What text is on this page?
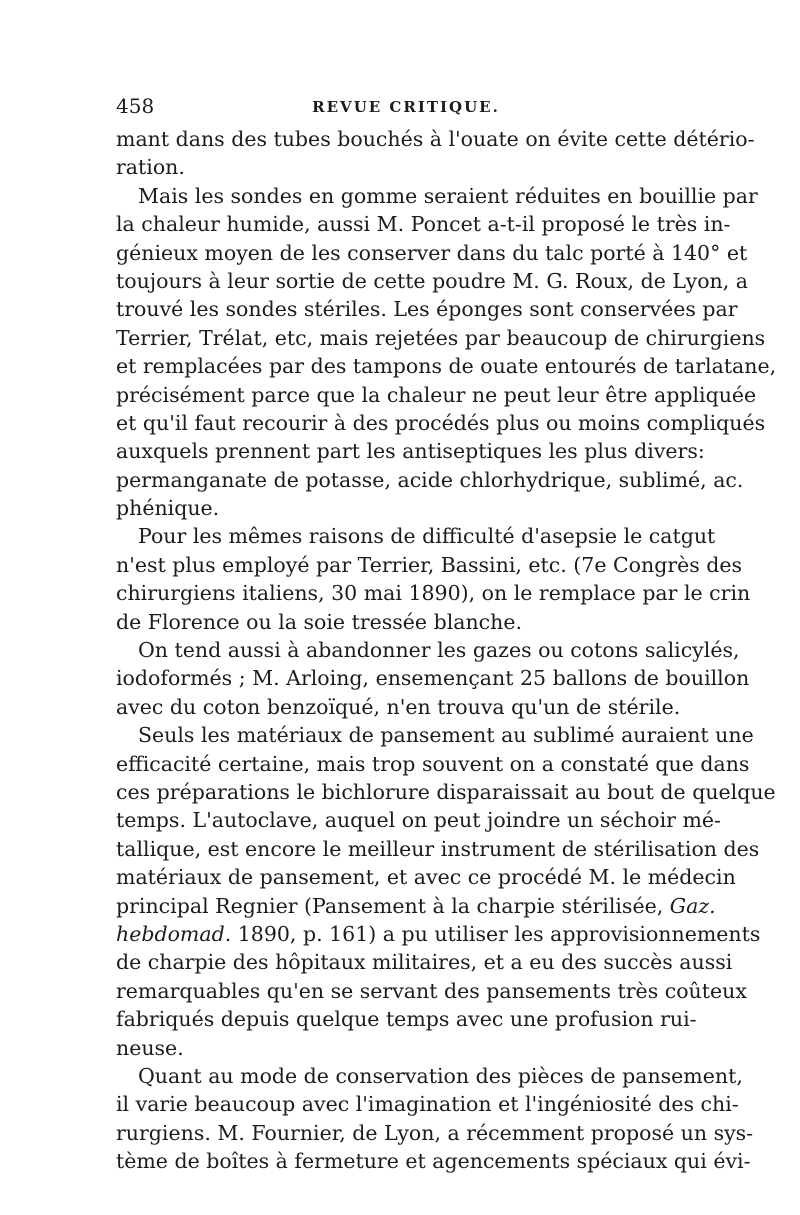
458	REVUE CRITIQUE.
mant dans des tubes bouchés à l'ouate on évite cette détério-
ration.
Mais les sondes en gomme seraient réduites en bouillie par
la chaleur humide, aussi M. Poncet a-t-il proposé le très in-
génieux moyen de les conserver dans du talc porté à 140° et
toujours à leur sortie de cette poudre M. G. Roux, de Lyon, a
trouvé les sondes stériles. Les éponges sont conservées par
Terrier, Trélat, etc, mais rejetées par beaucoup de chirurgiens
et remplacées par des tampons de ouate entourés de tarlatane,
précisément parce que la chaleur ne peut leur être appliquée
et qu'il faut recourir à des procédés plus ou moins compliqués
auxquels prennent part les antiseptiques les plus divers:
permanganate de potasse, acide chlorhydrique, sublimé, ac.
phénique.
Pour les mêmes raisons de difficulté d'asepsie le catgut
n'est plus employé par Terrier, Bassini, etc. (7e Congrès des
chirurgiens italiens, 30 mai 1890), on le remplace par le crin
de Florence ou la soie tressée blanche.
On tend aussi à abandonner les gazes ou cotons salicylés,
iodoformés ; M. Arloing, ensemençant 25 ballons de bouillon
avec du coton benzoïqué, n'en trouva qu'un de stérile.
Seuls les matériaux de pansement au sublimé auraient une
efficacité certaine, mais trop souvent on a constaté que dans
ces préparations le bichlorure disparaissait au bout de quelque
temps. L'autoclave, auquel on peut joindre un séchoir mé-
tallique, est encore le meilleur instrument de stérilisation des
matériaux de pansement, et avec ce procédé M. le médecin
principal Regnier (Pansement à la charpie stérilisée, Gaz.
hebdomad. 1890, p. 161) a pu utiliser les approvisionnements
de charpie des hôpitaux militaires, et a eu des succès aussi
remarquables qu'en se servant des pansements très coûteux
fabriqués depuis quelque temps avec une profusion rui-
neuse.
Quant au mode de conservation des pièces de pansement,
il varie beaucoup avec l'imagination et l'ingéniosité des chi-
rurgiens. M. Fournier, de Lyon, a récemment proposé un sys-
tème de boîtes à fermeture et agencements spéciaux qui évi-
